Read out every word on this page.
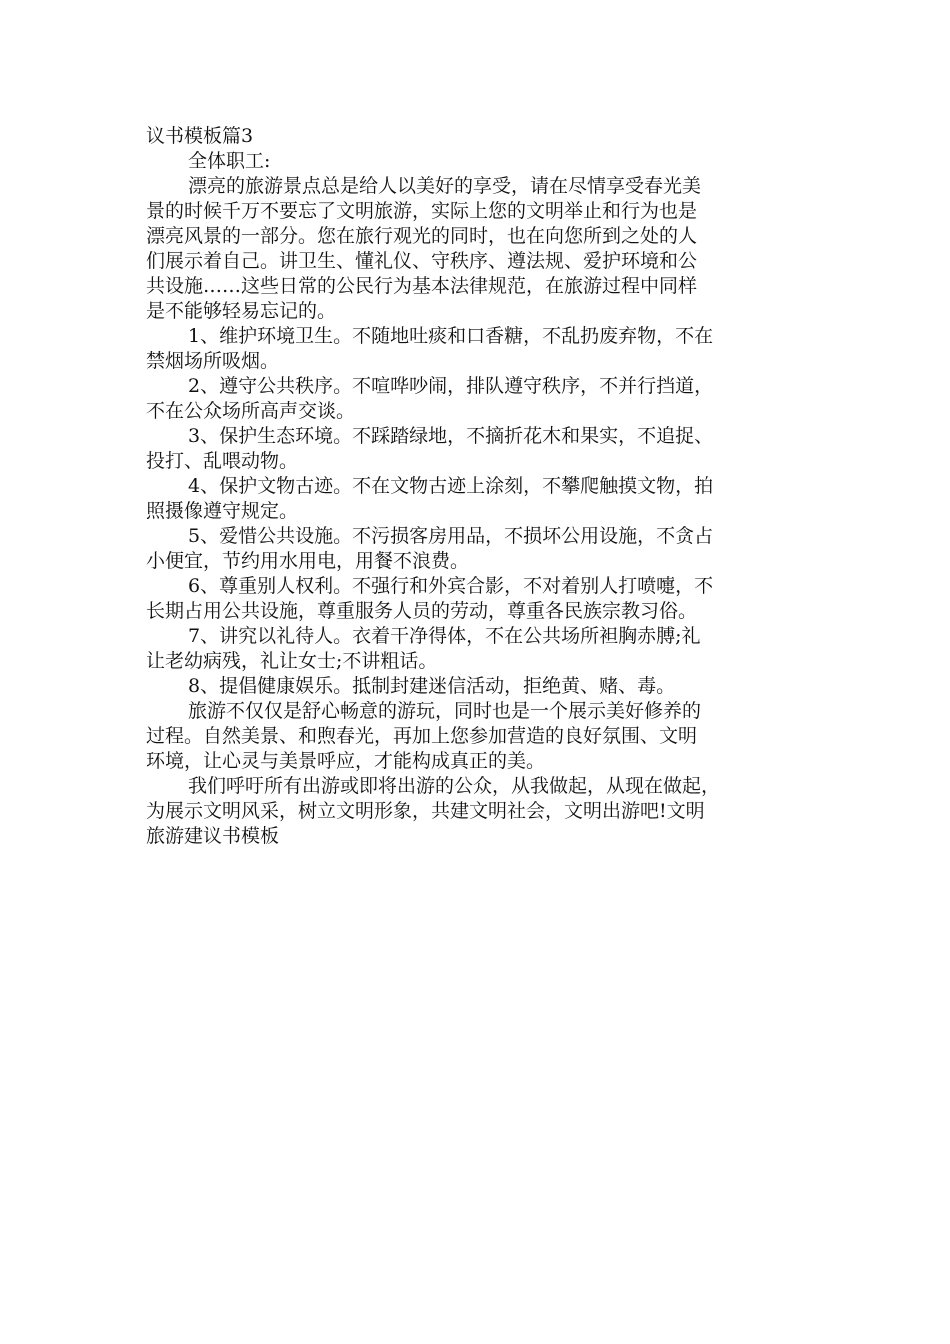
议书模板篇3

全体职工:

漂亮的旅游景点总是给人以美好的享受，请在尽情享受春光美

景的时候千万不要忘了文明旅游，实际上您的文明举止和行为也是

漂亮风景的一部分。您在旅行观光的同时，也在向您所到之处的人

们展示着自己。讲卫生、懂礼仪、守秩序、遵法规、爱护环境和公

共设施……这些日常的公民行为基本法律规范，在旅游过程中同样

是不能够轻易忘记的。

1、维护环境卫生。不随地吐痰和口香糖，不乱扔废弃物，不在

禁烟场所吸烟。

2、遵守公共秩序。不喧哗吵闹，排队遵守秩序，不并行挡道，

不在公众场所高声交谈。

3、保护生态环境。不踩踏绿地，不摘折花木和果实，不追捉、

投打、乱喂动物。

4、保护文物古迹。不在文物古迹上涂刻，不攀爬触摸文物，拍

照摄像遵守规定。

5、爱惜公共设施。不污损客房用品，不损坏公用设施，不贪占

小便宜，节约用水用电，用餐不浪费。

6、尊重别人权利。不强行和外宾合影，不对着别人打喷嚏，不

长期占用公共设施，尊重服务人员的劳动，尊重各民族宗教习俗。

7、讲究以礼待人。衣着干净得体，不在公共场所袒胸赤膊;礼

让老幼病残，礼让女士;不讲粗话。

8、提倡健康娱乐。抵制封建迷信活动，拒绝黄、赌、毒。

旅游不仅仅是舒心畅意的游玩，同时也是一个展示美好修养的

过程。自然美景、和煦春光，再加上您参加营造的良好氛围、文明

环境，让心灵与美景呼应，才能构成真正的美。

我们呼吁所有出游或即将出游的公众，从我做起，从现在做起，

为展示文明风采，树立文明形象，共建文明社会，文明出游吧!文明

旅游建议书模板
